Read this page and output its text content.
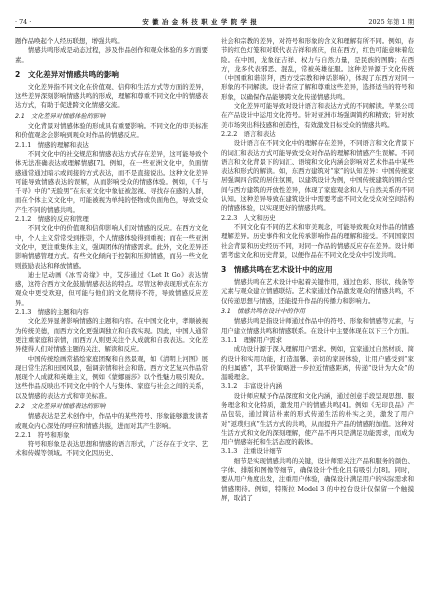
· 74 ·	安 徽 冶 金 科 技 职 业 学 院 学 报	2025 年第 1 期

题作品唤起个人经历联想，增强共鸣。

情感共鸣形成是动态过程，涉及作品创作和观众体验的多方面要素。

2　文化差异对情感共鸣的影响

文化差异指不同文化在价值观、信仰和生活方式等方面的差异，这些差异深刻影响情感共鸣的形成，理解和尊重不同文化中的情感表达方式，有助于促进跨文化情感交流。

2.1　文化差异对情感体验的影响

文化背景对情感体验的形成具有重要影响。不同文化的审美标准和价值观念会影响到观众对作品的情感反应。

2.1.1　情感的理解和表达

不同文化中的社交规范和情感表达方式存在差异，这可能导致个体无法准确表达或理解情感[7]。例如，在一些亚洲文化中，负面情感通常通过暗示或间接的方式表达，而不是直接说出。这种文化差异可能导致情感表达的误解，从而影响受众的情感体验。例如，《千与千寻》中的“无脸男”在东亚文化中象征被忽视、寻找存在感的人群，而在个体主义文化中，可能被视为单纯的怪物或负面角色，导致受众产生不同的情感共鸣。

2.1.2　情感的反应和管理

不同文化中的价值观和信仰影响人们对情感的反应。在西方文化中，个人主义常常受到推崇，个人情感体验得到重视；而在一些亚洲文化中，更注重集体主义，强调团体的情感需求。此外，文化差异还影响情感管理方式。有些文化倾向于控制和压抑情感，而另一些文化则鼓励表达和释放情感。

迪士尼动画《冰雪奇缘》中，艾莎通过《Let It Go》表达情感，这符合西方文化鼓励情感表达的特点。尽管这种表现形式在东方观众中更受欢迎，但可能与他们的文化期待不符，导致情感反应差异。

2.1.3　情感的主题和内容

文化差异显著影响情感的主题和内容。在中国文化中，孝顺被视为传统美德，而西方文化更强调独立和自我实现。因此，中国人通常更注重家庭和亲情，而西方人则更关注个人成就和自我表达。文化差异使得人们对情感主题的关注、解读和反应。

中国传统绘画常描绘家庭团聚和自然景观，如《清明上河图》展现日常生活和田园风景，强调亲情和社会和谐。西方文艺复兴作品常展现个人成就和英雄主义，例如《蒙娜丽莎》以个性魅力吸引观众。这些作品反映出不同文化中的个人与集体、家庭与社会之间的关系，以及情感的表达方式和审美标准。

2.2　文化差异对情感表达的影响

情感表达是艺术创作中，作品中的某些符号、形象能够激发读者或观众内心深处的呼应和情感共振，进而对其产生影响。

2.2.1　符号和形象

符号和形象是表达思想和情感的语言形式，广泛存在于文字、艺术和传媒等领域。不同文化因历史、

社会和宗教的差异，对符号和形象的含义和理解有所不同。例如，春节的红色灯笼和对联代表吉祥和喜庆，但在西方，红色可能意味着危险。在中国，龙象征吉祥、权力与自然力量，是民族的图腾；在西方，龙多代表邪恶、混乱，常被英雄征服。这种差异源于文化传统（中国重和谐崇拜，西方受宗教和神话影响），体现了东西方对同一形象的不同解读。设计者应了解和尊重这些差异，选择适当的符号和形象，以确保作品能够跨文化传递情感共鸣。

文化差异可能导致对设计语言和表达方式的不同解读。苹果公司在产品设计中运用文化符号。针对亚洲市场强调简约和精致；针对欧美市场突出科技感和创造性，有效激发目标受众的情感共鸣。

2.2.2　语言和表达

设计语言在不同文化中的理解存在差异，不同语言和文化背景下的词汇和表达方式可能导致受众对作品的理解和情感产生误解。不同语言和文化背景下的词汇、语境和文化内涵会影响对艺术作品中某些表达和形式的解读。如，东西方建筑对“家”的认知差异：中国传统家居强调四合院的居住氛围，以建筑设计为例，中国传统建筑的围合空间与西方建筑的开放性差异，体现了家庭观念和人与自然关系的不同认知。这种差异导致在建筑设计中需要考虑不同文化受众对空间结构的情感体验，以实现更好的情感共鸣。

2.2.3　人文和历史

不同文化有不同的艺术和审美观念，可能导致观众对作品的情感理解差异。历史事件和文化传承影响作品的理解和接受。不同国家因社会背景和历史经历不同，对同一作品的情感反应存在差异。设计师需考虑文化和历史背景，以便作品在不同文化受众中引发共鸣。

3　情感共鸣在艺术设计中的应用

情感共鸣在艺术设计中起着关键作用，通过色彩、形状、线条等元素与观众建立情感联结。艺术家通过作品激发观众的情感共鸣，不仅传递思想与情感，还能提升作品的传播力和影响力。

3.1　情感共鸣在设计中的作用

情感共鸣是指设计师通过作品中的符号、形象和情感等元素，与用户建立情感共鸣和情感联系。在设计中主要体现在以下三个方面。

3.1.1　理解用户需求

成功设计源于深入理解用户需求。例如，宜家通过自然材质、简约设计和实用功能，打造温馨、亲切的家居体验，让用户感受到“家的归属感”，其平价策略进一步拉近情感距离，传递“设计为大众”的温暖理念。

3.1.2　丰富设计内涵

设计师应赋予作品深度和文化内涵，通过创意手段呈现思想、服务理念和文化特质，激发用户的情感共鸣[4]。例如《无印良品》产品包装，通过简洁朴素的形式传递生活的朴实之美，激发了用户对“返璞归真”生活方式的共鸣，从而提升产品的情感附加值。这种对生活方式和文化的深刻理解，使产品不再只是满足功能需求，而成为用户情感寄托和生活态度的载体。

3.1.3　注重设计细节

细节是实现情感共鸣的关键，设计师需关注产品和服务的颜色、字体、排版和图像等细节，确保设计个性化且有吸引力[8]。同时，要从用户角度出发，注重用户体验，确保设计满足用户的实际需求和情感期待。例如，特斯拉 Model 3 的中控台设计仅保留一个触摸屏，取消了
